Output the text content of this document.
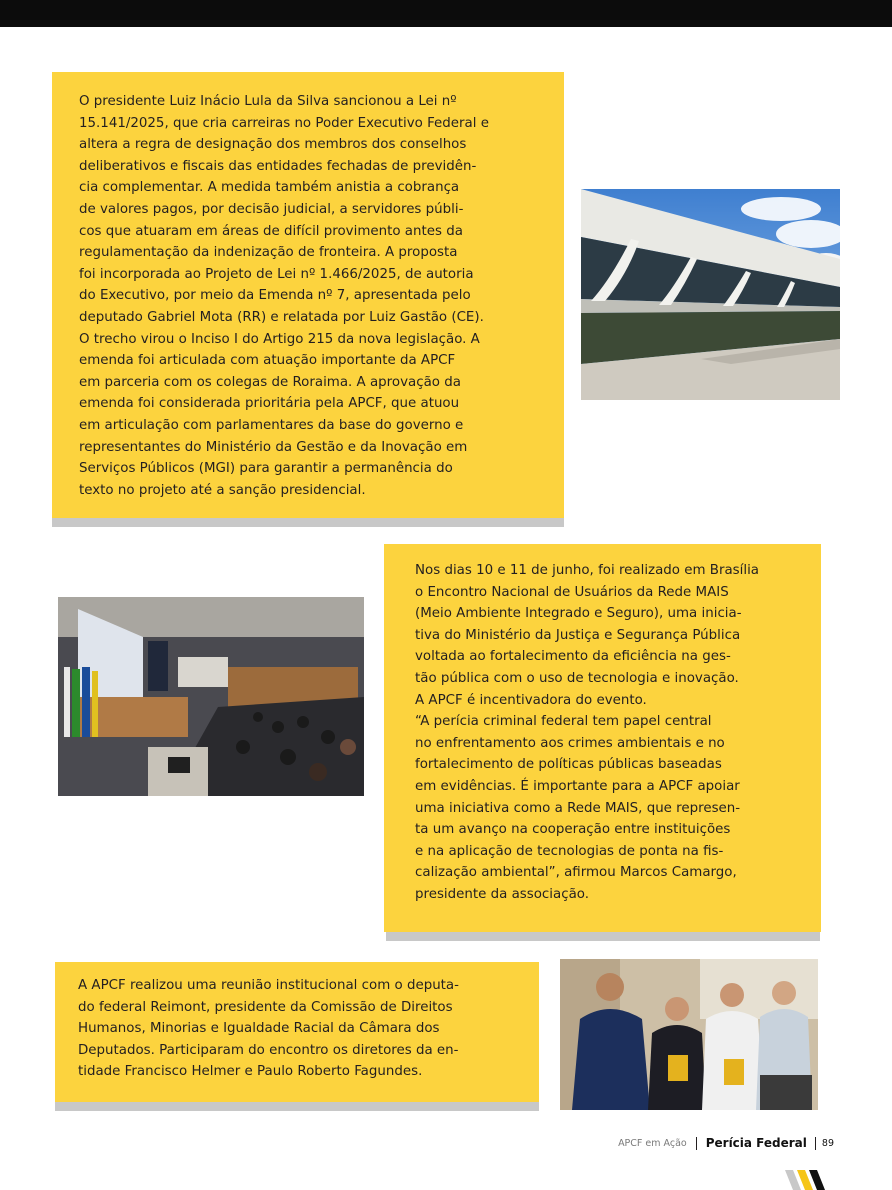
O presidente Luiz Inácio Lula da Silva sancionou a Lei nº
15.141/2025, que cria carreiras no Poder Executivo Federal e
altera a regra de designação dos membros dos conselhos
deliberativos e fiscais das entidades fechadas de previdên-
cia complementar. A medida também anistia a cobrança
de valores pagos, por decisão judicial, a servidores públi-
cos que atuaram em áreas de difícil provimento antes da
regulamentação da indenização de fronteira. A proposta
foi incorporada ao Projeto de Lei nº 1.466/2025, de autoria
do Executivo, por meio da Emenda nº 7, apresentada pelo
deputado Gabriel Mota (RR) e relatada por Luiz Gastão (CE).
O trecho virou o Inciso I do Artigo 215 da nova legislação. A
emenda foi articulada com atuação importante da APCF
em parceria com os colegas de Roraima. A aprovação da
emenda foi considerada prioritária pela APCF, que atuou
em articulação com parlamentares da base do governo e
representantes do Ministério da Gestão e da Inovação em
Serviços Públicos (MGI) para garantir a permanência do
texto no projeto até a sanção presidencial.

Nos dias 10 e 11 de junho, foi realizado em Brasília
o Encontro Nacional de Usuários da Rede MAIS
(Meio Ambiente Integrado e Seguro), uma inicia-
tiva do Ministério da Justiça e Segurança Pública
voltada ao fortalecimento da eficiência na ges-
tão pública com o uso de tecnologia e inovação.
A APCF é incentivadora do evento.
“A perícia criminal federal tem papel central
no enfrentamento aos crimes ambientais e no
fortalecimento de políticas públicas baseadas
em evidências. É importante para a APCF apoiar
uma iniciativa como a Rede MAIS, que represen-
ta um avanço na cooperação entre instituições
e na aplicação de tecnologias de ponta na fis-
calização ambiental”, afirmou Marcos Camargo,
presidente da associação.

A APCF realizou uma reunião institucional com o deputa-
do federal Reimont, presidente da Comissão de Direitos
Humanos, Minorias e Igualdade Racial da Câmara dos
Deputados. Participaram do encontro os diretores da en-
tidade Francisco Helmer e Paulo Roberto Fagundes.

APCF em Ação Perícia Federal 89
